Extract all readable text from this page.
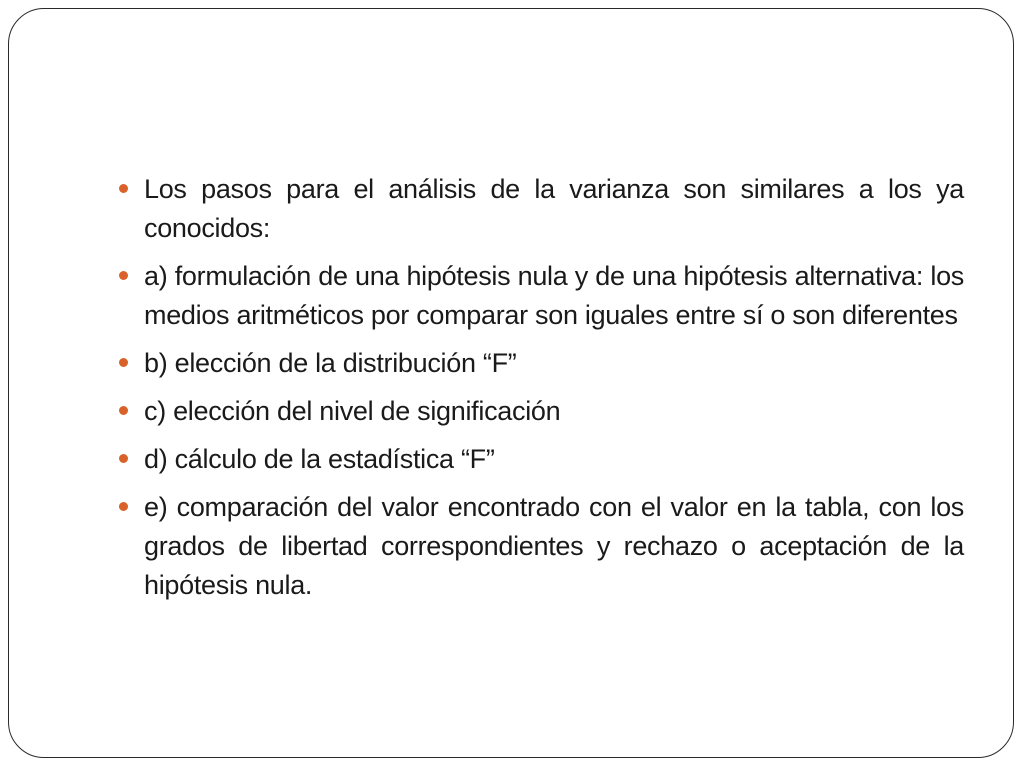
Los pasos para el análisis de la varianza son similares a los ya conocidos:
a) formulación de una hipótesis nula y de una hipótesis alternativa: los medios aritméticos por comparar son iguales entre sí o son diferentes
b) elección de la distribución “F”
c) elección del nivel de significación
d) cálculo de la estadística “F”
e) comparación del valor encontrado con el valor en la tabla, con los grados de libertad correspondientes y rechazo o aceptación de la hipótesis nula.
